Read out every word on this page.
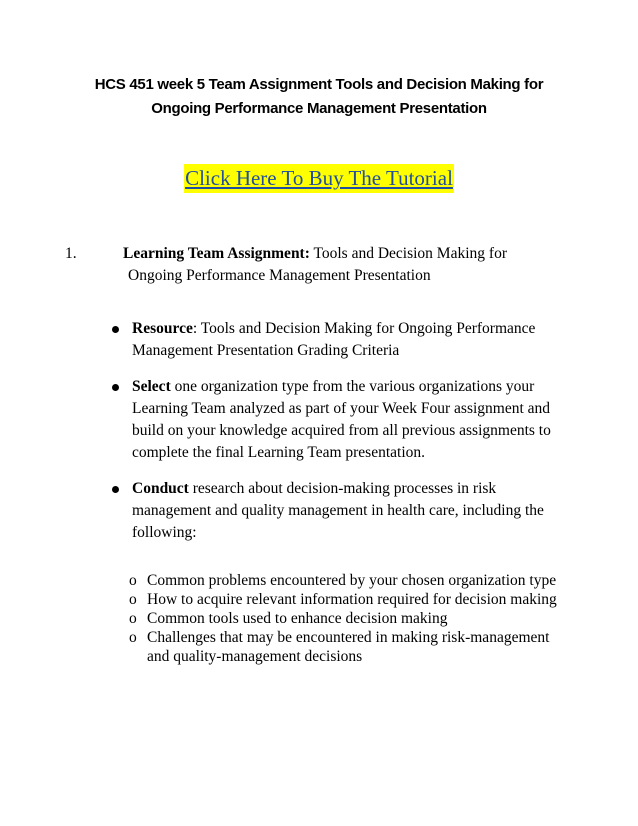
HCS 451 week 5 Team Assignment Tools and Decision Making for
Ongoing Performance Management Presentation
Click Here To Buy The Tutorial
1.	Learning Team Assignment: Tools and Decision Making for Ongoing Performance Management Presentation
Resource: Tools and Decision Making for Ongoing Performance Management Presentation Grading Criteria
Select one organization type from the various organizations your Learning Team analyzed as part of your Week Four assignment and build on your knowledge acquired from all previous assignments to complete the final Learning Team presentation.
Conduct research about decision-making processes in risk management and quality management in health care, including the following:
o Common problems encountered by your chosen organization type
o How to acquire relevant information required for decision making
o Common tools used to enhance decision making
o Challenges that may be encountered in making risk-management and quality-management decisions
